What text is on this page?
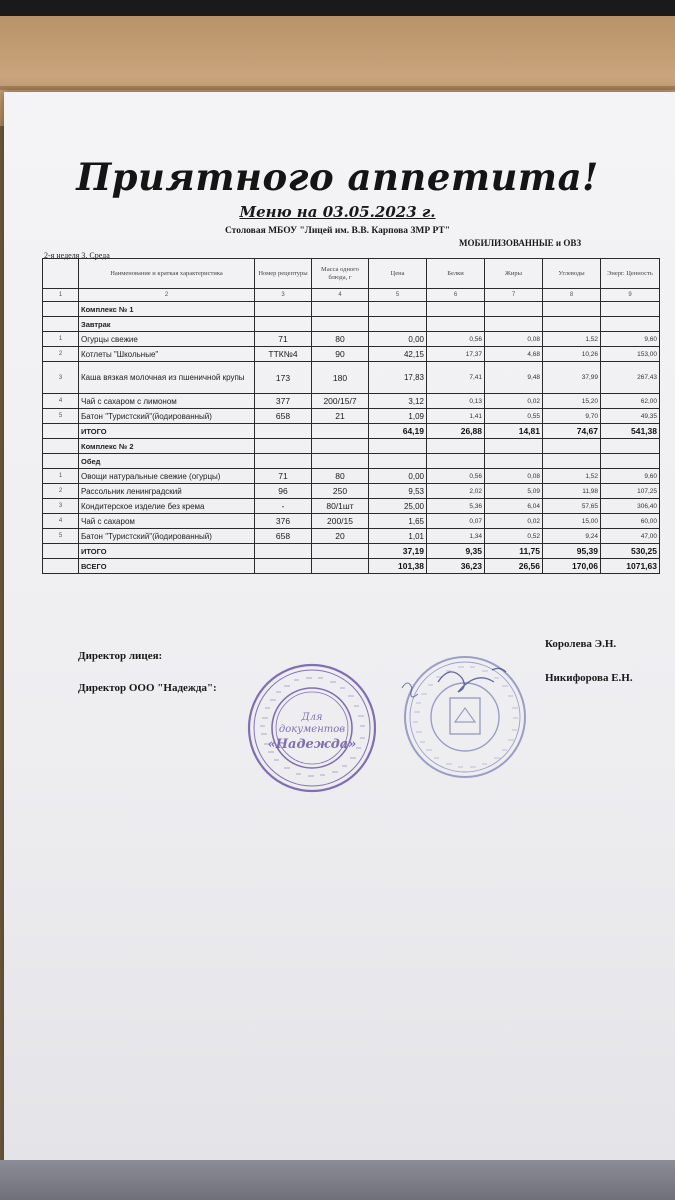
Приятного аппетита!
Меню на 03.05.2023 г.
Столовая МБОУ "Лицей им. В.В. Карпова ЗМР РТ"
МОБИЛИЗОВАННЫЕ и ОВЗ
2-я неделя 3. Среда
	Наименование и краткая характеристика	Номер рецептуры	Масса одного блюда, г	Цена	Белки	Жиры	Углеводы	Энерг. Ценность
1	2	3	4	5	6	7	8	9
	Комплекс № 1							
	Завтрак							
1	Огурцы свежие	71	80	0,00	0,56	0,08	1,52	9,60
2	Котлеты "Школьные"	ТТК№4	90	42,15	17,37	4,68	10,26	153,00
3	Каша вязкая молочная из пшеничной крупы	173	180	17,83	7,41	9,48	37,99	267,43
4	Чай с сахаром с лимоном	377	200/15/7	3,12	0,13	0,02	15,20	62,00
5	Батон "Туристский"(йодированный)	658	21	1,09	1,41	0,55	9,70	49,35
	ИТОГО			64,19	26,88	14,81	74,67	541,38
	Комплекс № 2							
	Обед							
1	Овощи натуральные свежие (огурцы)	71	80	0,00	0,56	0,08	1,52	9,60
2	Рассольник ленинградский	96	250	9,53	2,02	5,09	11,98	107,25
3	Кондитерское изделие без крема	-	80/1шт	25,00	5,36	6,04	57,65	306,40
4	Чай с сахаром	376	200/15	1,65	0,07	0,02	15,00	60,00
5	Батон "Туристский"(йодированный)	658	20	1,01	1,34	0,52	9,24	47,00
	ИТОГО			37,19	9,35	11,75	95,39	530,25
	ВСЕГО			101,38	36,23	26,56	170,06	1071,63
Директор лицея:
Директор ООО "Надежда":
Королева Э.Н.
Никифорова Е.Н.
Для
документов
«Надежда»
